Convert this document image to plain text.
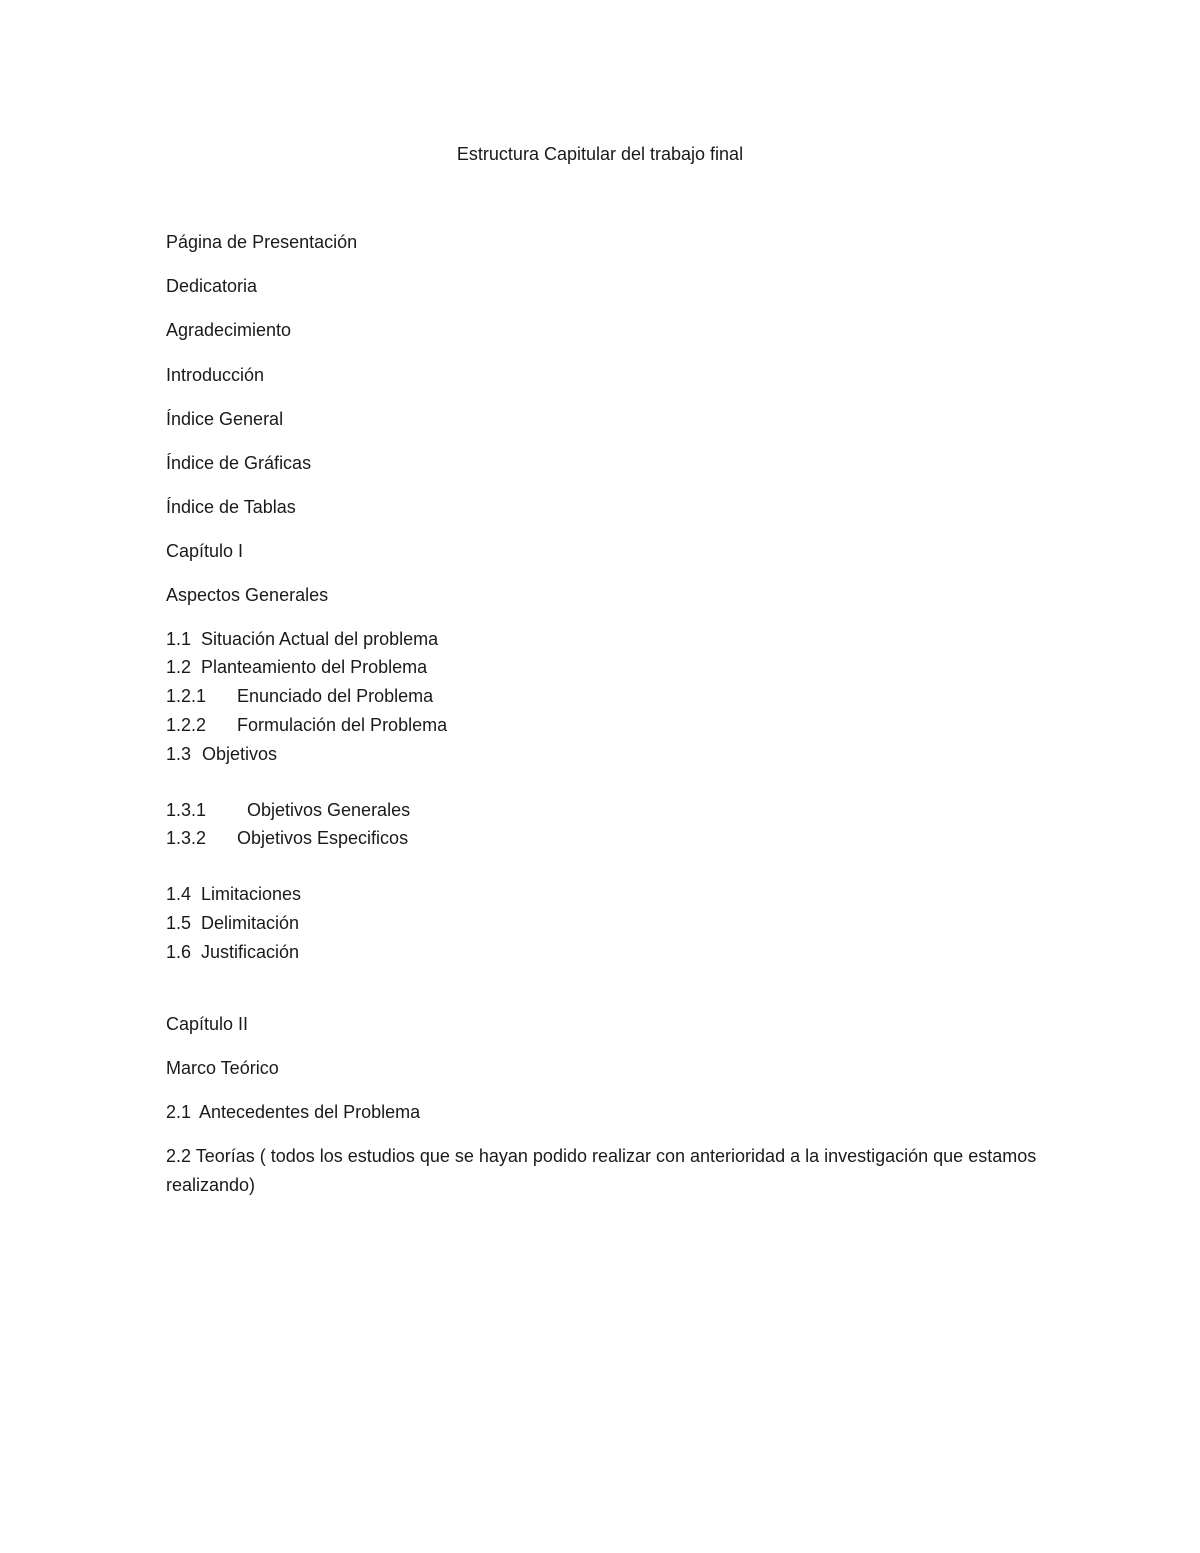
Estructura Capitular del trabajo final
Página de Presentación
Dedicatoria
Agradecimiento
Introducción
Índice General
Índice de Gráficas
Índice de Tablas
Capítulo I
Aspectos Generales
1.1 Situación Actual del problema
1.2 Planteamiento del Problema
1.2.1 Enunciado del Problema
1.2.2 Formulación del Problema
1.3 Objetivos
1.3.1 Objetivos Generales
1.3.2 Objetivos Especificos
1.4 Limitaciones
1.5 Delimitación
1.6 Justificación
Capítulo II
Marco Teórico
2.1 Antecedentes del Problema
2.2 Teorías ( todos los estudios que se hayan podido realizar con anterioridad a la investigación que estamos realizando)
